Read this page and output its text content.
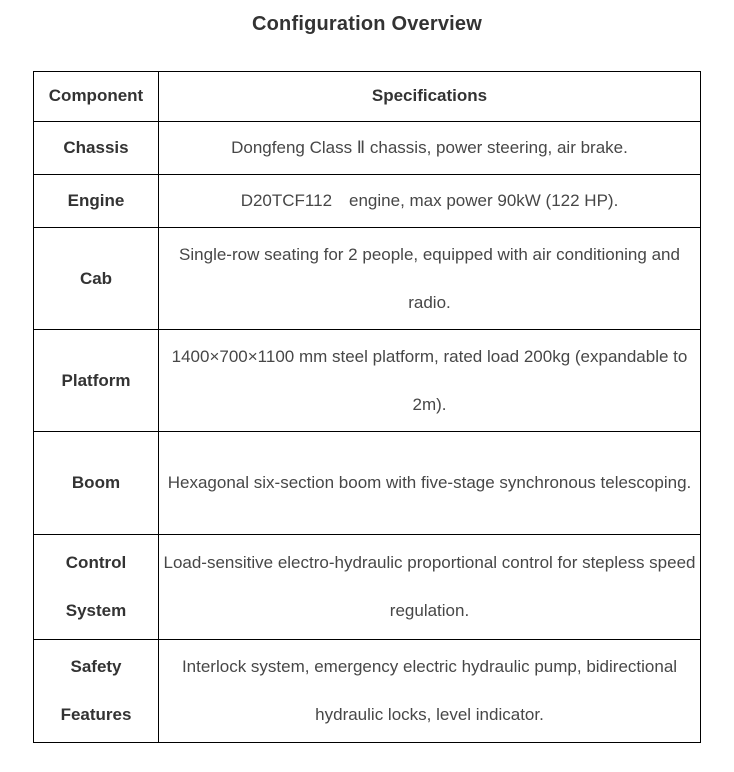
Configuration Overview
Component	Specifications
Chassis	Dongfeng Class Ⅱ chassis, power steering, air brake.
Engine	D20TCF112　engine, max power 90kW (122 HP).
Cab	Single-row seating for 2 people, equipped with air conditioning and radio.
Platform	1400×700×1100 mm steel platform, rated load 200kg (expandable to 2m).
Boom	Hexagonal six-section boom with five-stage synchronous telescoping.
Control System	Load-sensitive electro-hydraulic proportional control for stepless speed regulation.
Safety Features	Interlock system, emergency electric hydraulic pump, bidirectional hydraulic locks, level indicator.
